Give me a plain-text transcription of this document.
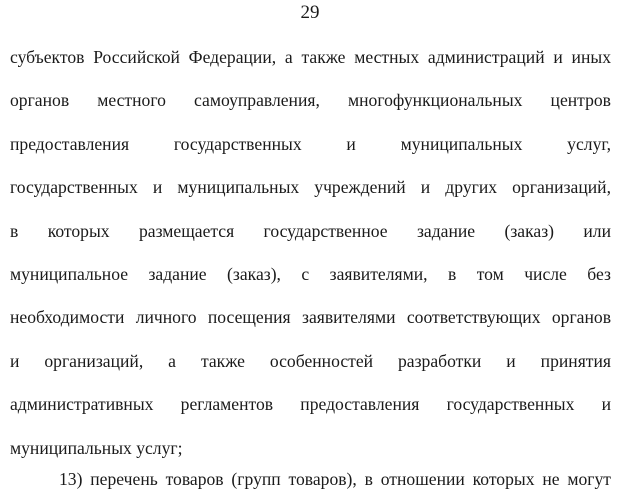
29
субъектов Российской Федерации, а также местных администраций и иных
органов местного самоуправления, многофункциональных центров
предоставления государственных и муниципальных услуг,
государственных и муниципальных учреждений и других организаций,
в которых размещается государственное задание (заказ) или
муниципальное задание (заказ), с заявителями, в том числе без
необходимости личного посещения заявителями соответствующих органов
и организаций, а также особенностей разработки и принятия
административных регламентов предоставления государственных и
муниципальных услуг;
13) перечень товаров (групп товаров), в отношении которых не могут
